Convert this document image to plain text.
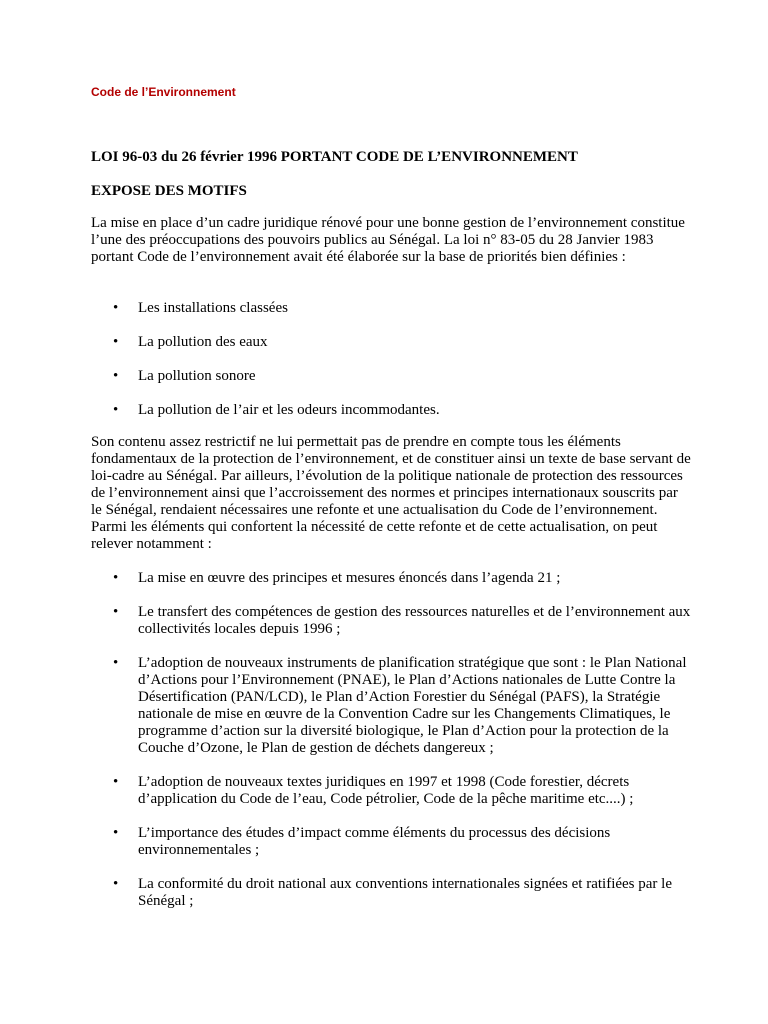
Code de l’Environnement
LOI 96-03 du 26 février 1996 PORTANT CODE DE L’ENVIRONNEMENT
EXPOSE DES MOTIFS

La mise en place d’un cadre juridique rénové pour une bonne gestion de l’environnement constitue l’une des préoccupations des pouvoirs publics au Sénégal. La loi n° 83-05 du 28 Janvier 1983 portant Code de l’environnement avait été élaborée sur la base de priorités bien définies :

•	Les installations classées
•	La pollution des eaux
•	La pollution sonore
•	La pollution de l’air et les odeurs incommodantes.

Son contenu assez restrictif ne lui permettait pas de prendre en compte tous les éléments fondamentaux de la protection de l’environnement, et de constituer ainsi un texte de base servant de loi-cadre au Sénégal. Par ailleurs, l’évolution de la politique nationale de protection des ressources de l’environnement ainsi que l’accroissement des normes et principes internationaux souscrits par le Sénégal, rendaient nécessaires une refonte et une actualisation du Code de l’environnement. Parmi les éléments qui confortent la nécessité de cette refonte et de cette actualisation, on peut relever notamment :

•	La mise en œuvre des principes et mesures énoncés dans l’agenda 21 ;
•	Le transfert des compétences de gestion des ressources naturelles et de l’environnement aux collectivités locales depuis 1996 ;
•	L’adoption de nouveaux instruments de planification stratégique que sont : le Plan National d’Actions pour l’Environnement (PNAE), le Plan d’Actions nationales de Lutte Contre la Désertification (PAN/LCD), le Plan d’Action Forestier du Sénégal (PAFS), la Stratégie nationale de mise en œuvre de la Convention Cadre sur les Changements Climatiques, le programme d’action sur la diversité biologique, le Plan d’Action pour la protection de la Couche d’Ozone, le Plan de gestion de déchets dangereux ;
•	L’adoption de nouveaux textes juridiques en 1997 et 1998 (Code forestier, décrets d’application du Code de l’eau, Code pétrolier, Code de la pêche maritime etc....) ;
•	L’importance des études d’impact comme éléments du processus des décisions environnementales ;
•	La conformité du droit national aux conventions internationales signées et ratifiées par le Sénégal ;
